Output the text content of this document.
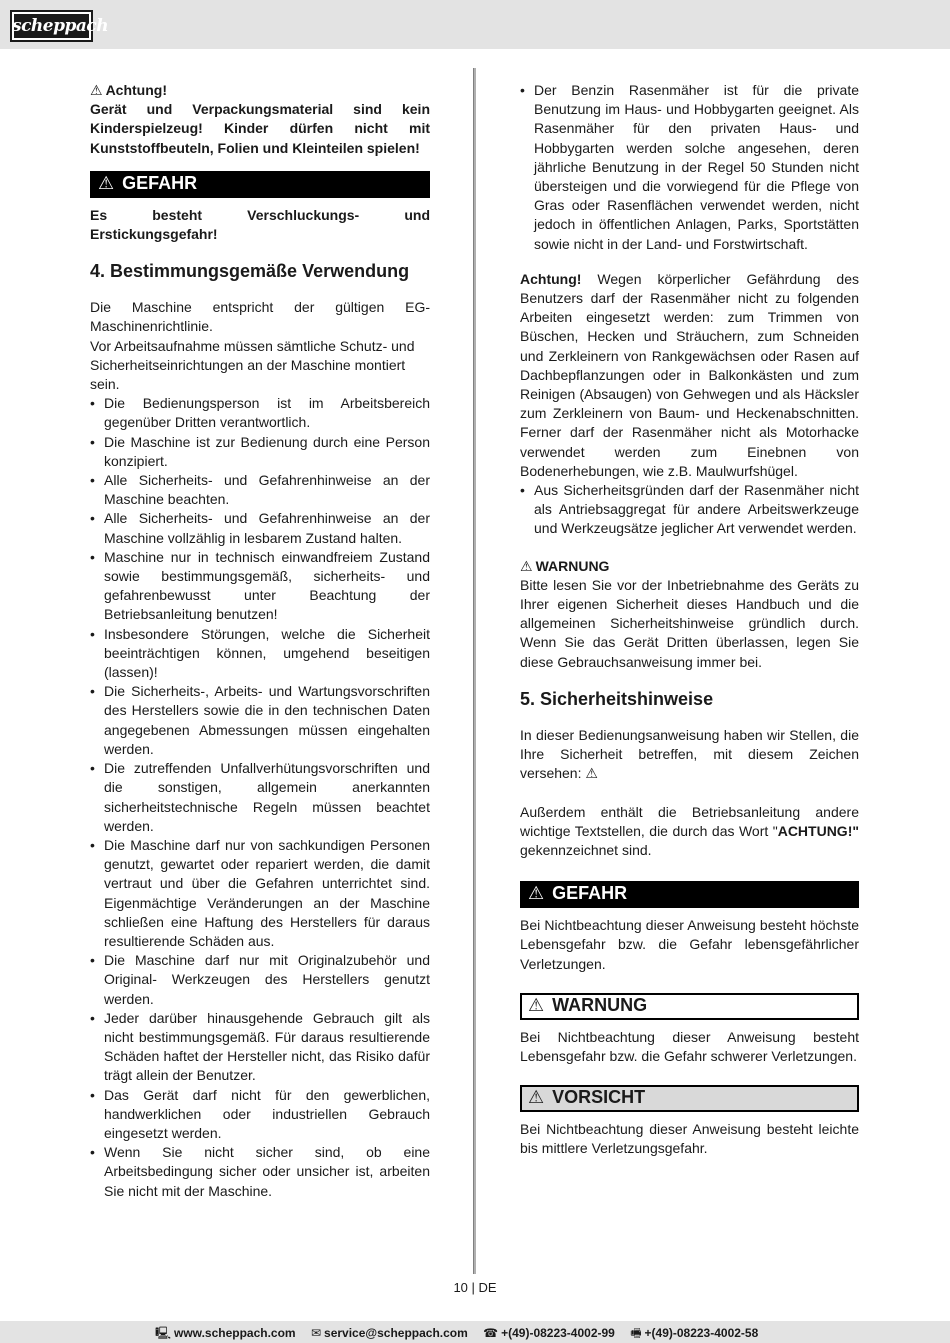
scheppach

⚠ Achtung!

Gerät und Verpackungsmaterial sind kein Kinderspielzeug! Kinder dürfen nicht mit Kunststoffbeuteln, Folien und Kleinteilen spielen!

⚠ GEFAHR

Es besteht Verschluckungs- und Erstickungsgefahr!

4. Bestimmungsgemäße Verwendung

Die Maschine entspricht der gültigen EG-Maschinenrichtlinie.

Vor Arbeitsaufnahme müssen sämtliche Schutz- und Sicherheitseinrichtungen an der Maschine montiert sein.

• Die Bedienungsperson ist im Arbeitsbereich gegenüber Dritten verantwortlich.
• Die Maschine ist zur Bedienung durch eine Person konzipiert.
• Alle Sicherheits- und Gefahrenhinweise an der Maschine beachten.
• Alle Sicherheits- und Gefahrenhinweise an der Maschine vollzählig in lesbarem Zustand halten.
• Maschine nur in technisch einwandfreiem Zustand sowie bestimmungsgemäß, sicherheits- und gefahrenbewusst unter Beachtung der Betriebsanleitung benutzen!
• Insbesondere Störungen, welche die Sicherheit beeinträchtigen können, umgehend beseitigen (lassen)!
• Die Sicherheits-, Arbeits- und Wartungsvorschriften des Herstellers sowie die in den technischen Daten angegebenen Abmessungen müssen eingehalten werden.
• Die zutreffenden Unfallverhütungsvorschriften und die sonstigen, allgemein anerkannten sicherheitstechnische Regeln müssen beachtet werden.
• Die Maschine darf nur von sachkundigen Personen genutzt, gewartet oder repariert werden, die damit vertraut und über die Gefahren unterrichtet sind. Eigenmächtige Veränderungen an der Maschine schließen eine Haftung des Herstellers für daraus resultierende Schäden aus.
• Die Maschine darf nur mit Originalzubehör und Original- Werkzeugen des Herstellers genutzt werden.
• Jeder darüber hinausgehende Gebrauch gilt als nicht bestimmungsgemäß. Für daraus resultierende Schäden haftet der Hersteller nicht, das Risiko dafür trägt allein der Benutzer.
• Das Gerät darf nicht für den gewerblichen, handwerklichen oder industriellen Gebrauch eingesetzt werden.
• Wenn Sie nicht sicher sind, ob eine Arbeitsbedingung sicher oder unsicher ist, arbeiten Sie nicht mit der Maschine.
• Der Benzin Rasenmäher ist für die private Benutzung im Haus- und Hobbygarten geeignet. Als Rasenmäher für den privaten Haus- und Hobbygarten werden solche angesehen, deren jährliche Benutzung in der Regel 50 Stunden nicht übersteigen und die vorwiegend für die Pflege von Gras oder Rasenflächen verwendet werden, nicht jedoch in öffentlichen Anlagen, Parks, Sportstätten sowie nicht in der Land- und Forstwirtschaft.

Achtung! Wegen körperlicher Gefährdung des Benutzers darf der Rasenmäher nicht zu folgenden Arbeiten eingesetzt werden: zum Trimmen von Büschen, Hecken und Sträuchern, zum Schneiden und Zerkleinern von Rankgewächsen oder Rasen auf Dachbepflanzungen oder in Balkonkästen und zum Reinigen (Absaugen) von Gehwegen und als Häcksler zum Zerkleinern von Baum- und Heckenabschnitten. Ferner darf der Rasenmäher nicht als Motorhacke verwendet werden zum Einebnen von Bodenerhebungen, wie z.B. Maulwurfshügel.

• Aus Sicherheitsgründen darf der Rasenmäher nicht als Antriebsaggregat für andere Arbeitswerkzeuge und Werkzeugsätze jeglicher Art verwendet werden.

⚠ WARNUNG

Bitte lesen Sie vor der Inbetriebnahme des Geräts zu Ihrer eigenen Sicherheit dieses Handbuch und die allgemeinen Sicherheitshinweise gründlich durch. Wenn Sie das Gerät Dritten überlassen, legen Sie diese Gebrauchsanweisung immer bei.

5. Sicherheitshinweise

In dieser Bedienungsanweisung haben wir Stellen, die Ihre Sicherheit betreffen, mit diesem Zeichen versehen: ⚠

Außerdem enthält die Betriebsanleitung andere wichtige Textstellen, die durch das Wort "ACHTUNG!" gekennzeichnet sind.

⚠ GEFAHR

Bei Nichtbeachtung dieser Anweisung besteht höchste Lebensgefahr bzw. die Gefahr lebensgefährlicher Verletzungen.

⚠ WARNUNG

Bei Nichtbeachtung dieser Anweisung besteht Lebensgefahr bzw. die Gefahr schwerer Verletzungen.

⚠ VORSICHT

Bei Nichtbeachtung dieser Anweisung besteht leichte bis mittlere Verletzungsgefahr.

10 | DE
🖳 www.scheppach.com ✉ service@scheppach.com ☎ +(49)-08223-4002-99 🖷 +(49)-08223-4002-58
